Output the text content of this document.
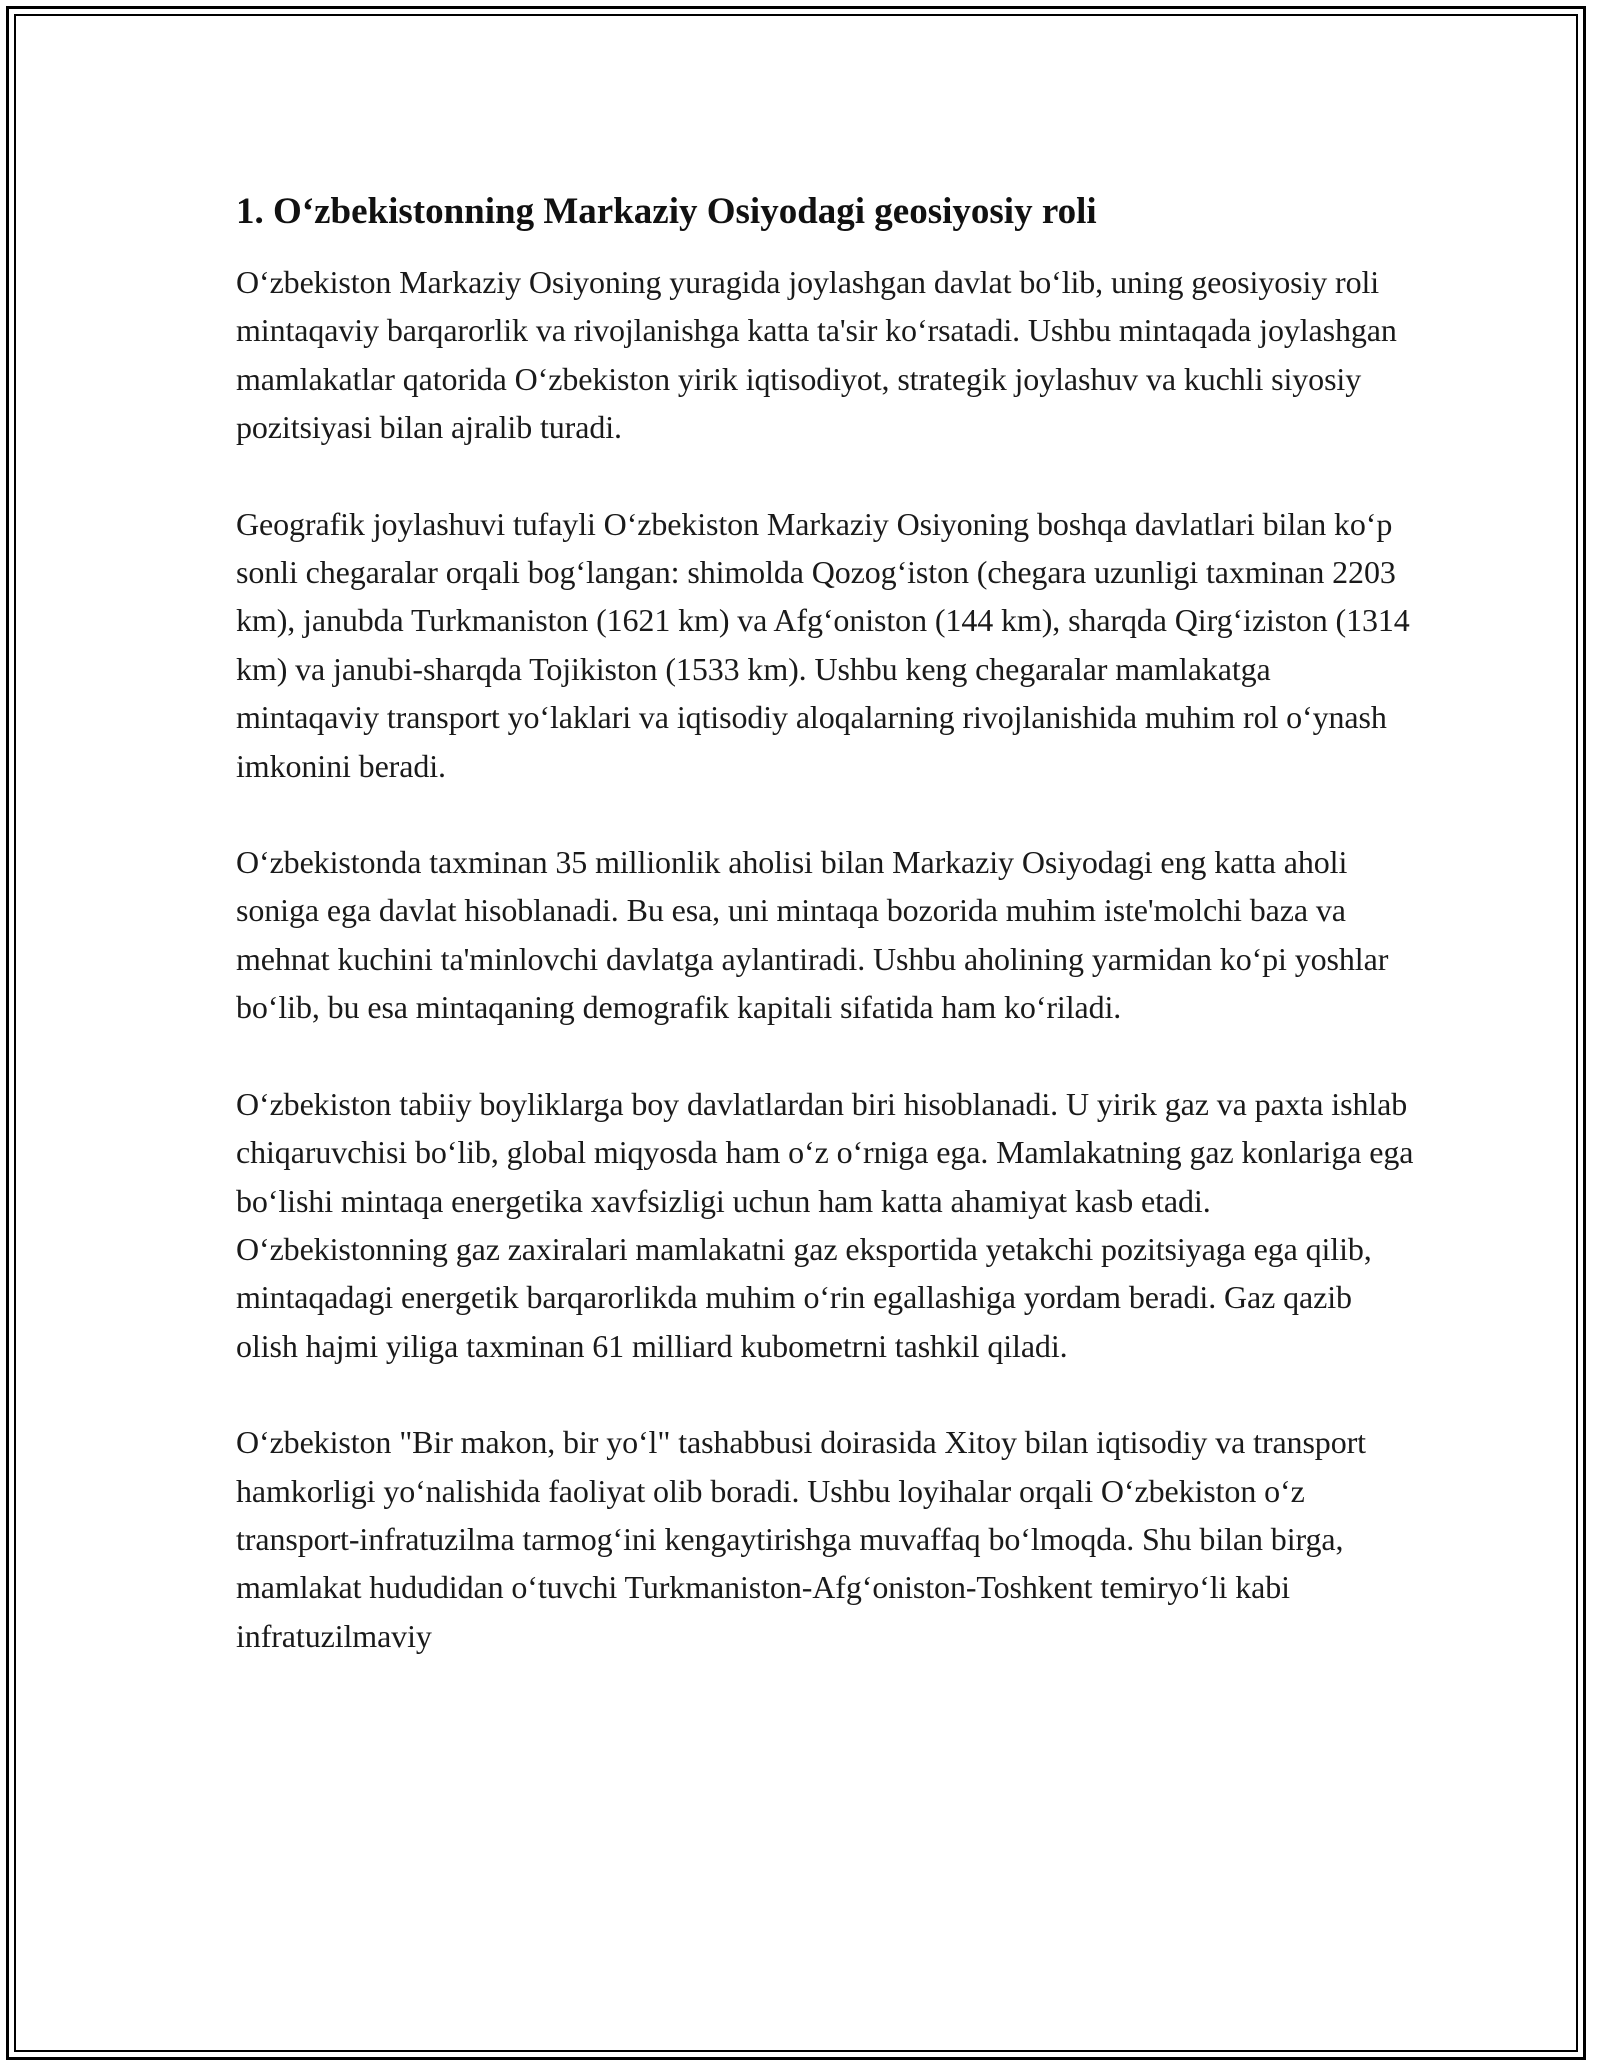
1. Oʻzbekistonning Markaziy Osiyodagi geosiyosiy roli

Oʻzbekiston Markaziy Osiyoning yuragida joylashgan davlat boʻlib, uning geosiyosiy roli mintaqaviy barqarorlik va rivojlanishga katta ta'sir koʻrsatadi. Ushbu mintaqada joylashgan mamlakatlar qatorida Oʻzbekiston yirik iqtisodiyot, strategik joylashuv va kuchli siyosiy pozitsiyasi bilan ajralib turadi.

Geografik joylashuvi tufayli Oʻzbekiston Markaziy Osiyoning boshqa davlatlari bilan koʻp sonli chegaralar orqali bogʻlangan: shimolda Qozogʻiston (chegara uzunligi taxminan 2203 km), janubda Turkmaniston (1621 km) va Afgʻoniston (144 km), sharqda Qirgʻiziston (1314 km) va janubi-sharqda Tojikiston (1533 km). Ushbu keng chegaralar mamlakatga mintaqaviy transport yoʻlaklari va iqtisodiy aloqalarning rivojlanishida muhim rol oʻynash imkonini beradi.

Oʻzbekistonda taxminan 35 millionlik aholisi bilan Markaziy Osiyodagi eng katta aholi soniga ega davlat hisoblanadi. Bu esa, uni mintaqa bozorida muhim iste'molchi baza va mehnat kuchini ta'minlovchi davlatga aylantiradi. Ushbu aholining yarmidan koʻpi yoshlar boʻlib, bu esa mintaqaning demografik kapitali sifatida ham koʻriladi.

Oʻzbekiston tabiiy boyliklarga boy davlatlardan biri hisoblanadi. U yirik gaz va paxta ishlab chiqaruvchisi boʻlib, global miqyosda ham oʻz oʻrniga ega. Mamlakatning gaz konlariga ega boʻlishi mintaqa energetika xavfsizligi uchun ham katta ahamiyat kasb etadi. Oʻzbekistonning gaz zaxiralari mamlakatni gaz eksportida yetakchi pozitsiyaga ega qilib, mintaqadagi energetik barqarorlikda muhim oʻrin egallashiga yordam beradi. Gaz qazib olish hajmi yiliga taxminan 61 milliard kubometrni tashkil qiladi.

Oʻzbekiston "Bir makon, bir yoʻl" tashabbusi doirasida Xitoy bilan iqtisodiy va transport hamkorligi yoʻnalishida faoliyat olib boradi. Ushbu loyihalar orqali Oʻzbekiston oʻz transport-infratuzilma tarmogʻini kengaytirishga muvaffaq boʻlmoqda. Shu bilan birga, mamlakat hududidan oʻtuvchi Turkmaniston-Afgʻoniston-Toshkent temiryoʻli kabi infratuzilmaviy
